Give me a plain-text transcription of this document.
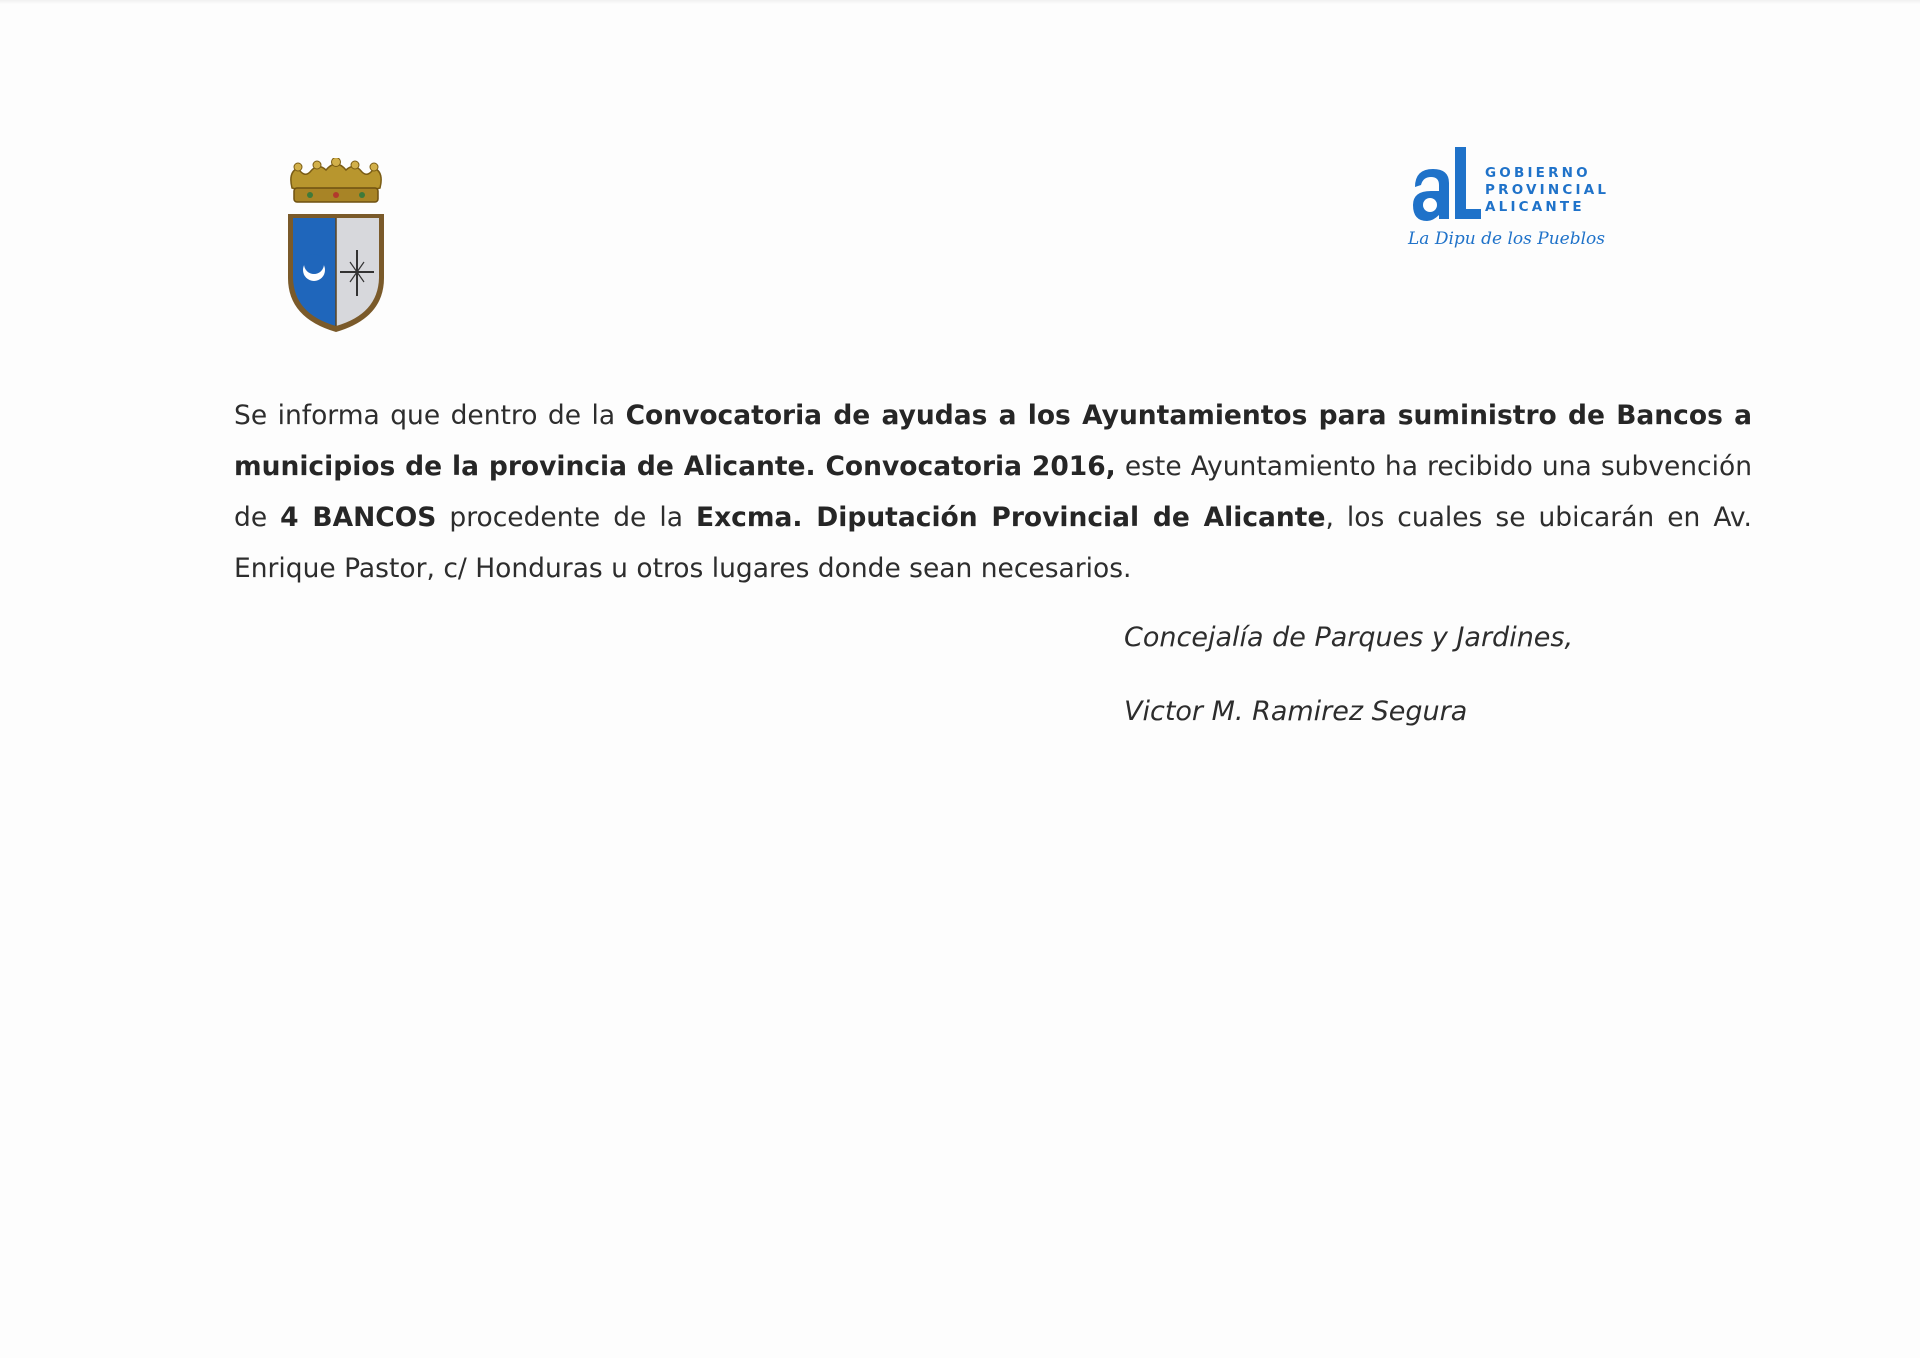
GOBIERNO
PROVINCIAL
ALICANTE
La Dipu de los Pueblos
Se informa que dentro de la Convocatoria de ayudas a los Ayuntamientos para suministro de Bancos a municipios de la provincia de Alicante. Convocatoria 2016, este Ayuntamiento ha recibido una subvención de 4 BANCOS procedente de la Excma. Diputación Provincial de Alicante, los cuales se ubicarán en Av. Enrique Pastor, c/ Honduras u otros lugares donde sean necesarios.
Concejalía de Parques y Jardines,
Victor M. Ramirez Segura
